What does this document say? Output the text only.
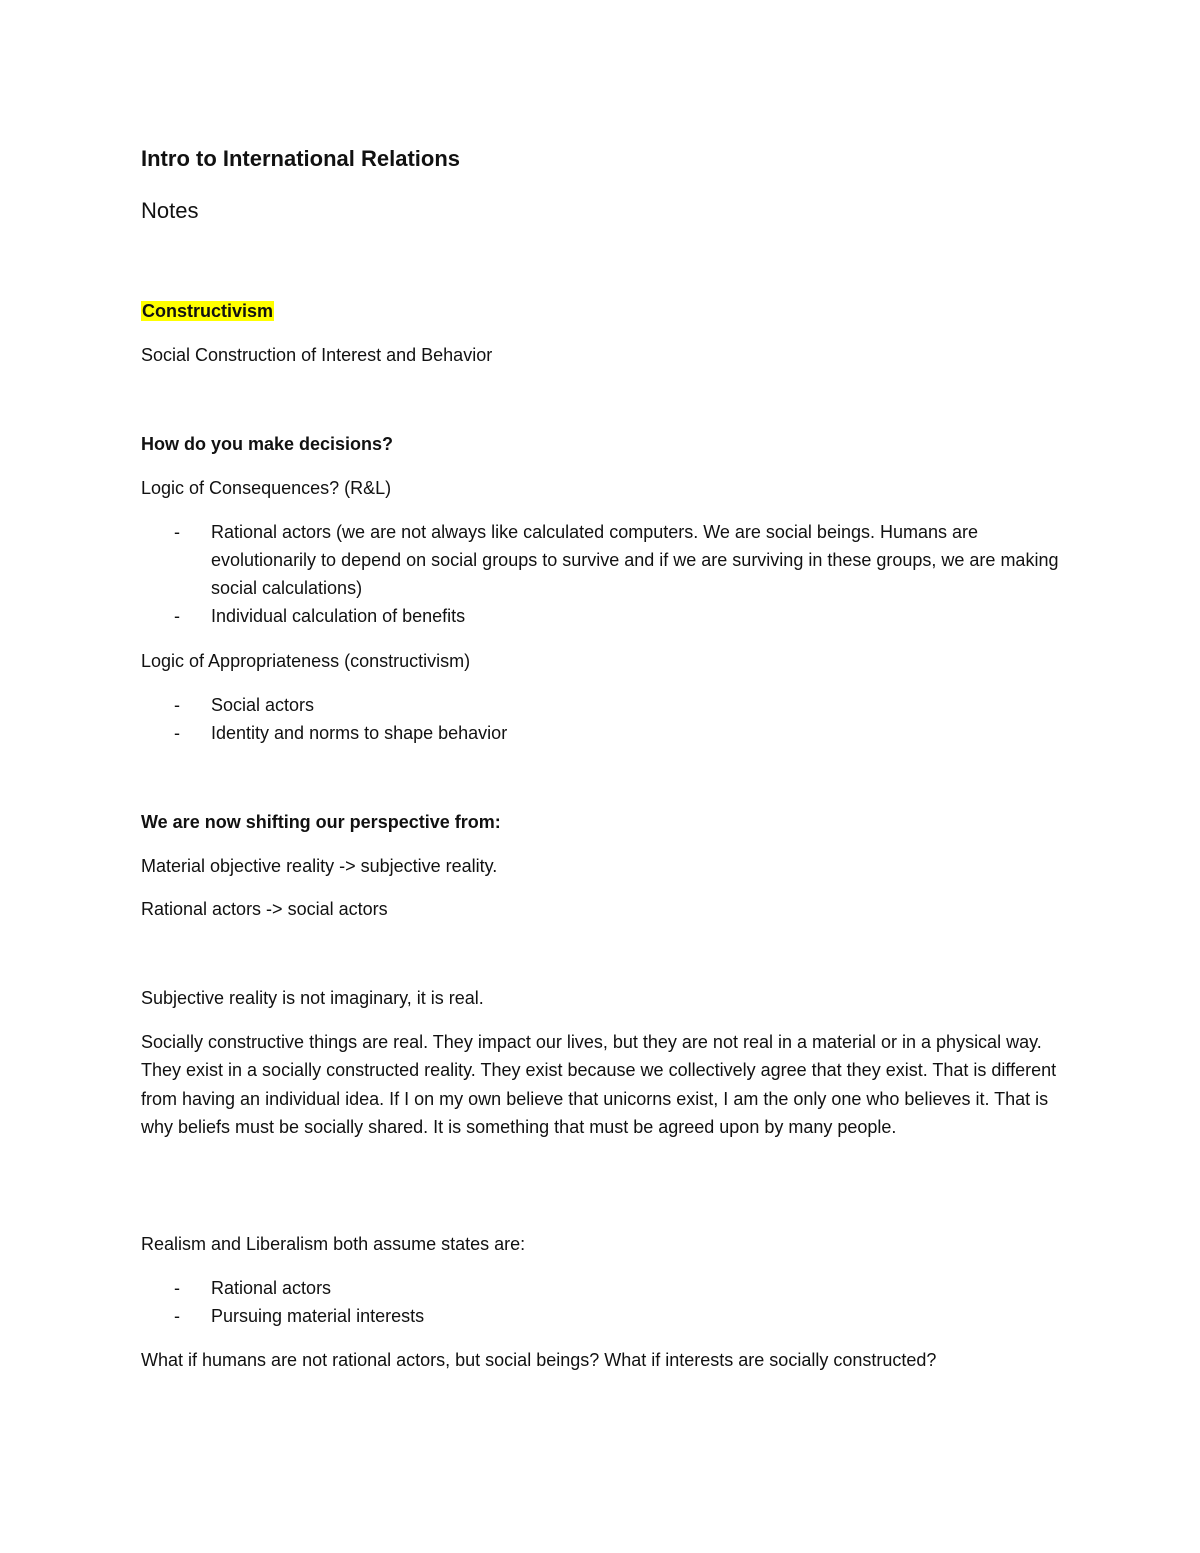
Intro to International Relations
Notes
Constructivism
Social Construction of Interest and Behavior
How do you make decisions?
Logic of Consequences? (R&L)
- Rational actors (we are not always like calculated computers. We are social beings. Humans are evolutionarily to depend on social groups to survive and if we are surviving in these groups, we are making social calculations)
- Individual calculation of benefits
Logic of Appropriateness (constructivism)
- Social actors
- Identity and norms to shape behavior
We are now shifting our perspective from:
Material objective reality -> subjective reality.
Rational actors -> social actors
Subjective reality is not imaginary, it is real.
Socially constructive things are real. They impact our lives, but they are not real in a material or in a physical way. They exist in a socially constructed reality. They exist because we collectively agree that they exist. That is different from having an individual idea. If I on my own believe that unicorns exist, I am the only one who believes it. That is why beliefs must be socially shared. It is something that must be agreed upon by many people.
Realism and Liberalism both assume states are:
- Rational actors
- Pursuing material interests
What if humans are not rational actors, but social beings? What if interests are socially constructed?
